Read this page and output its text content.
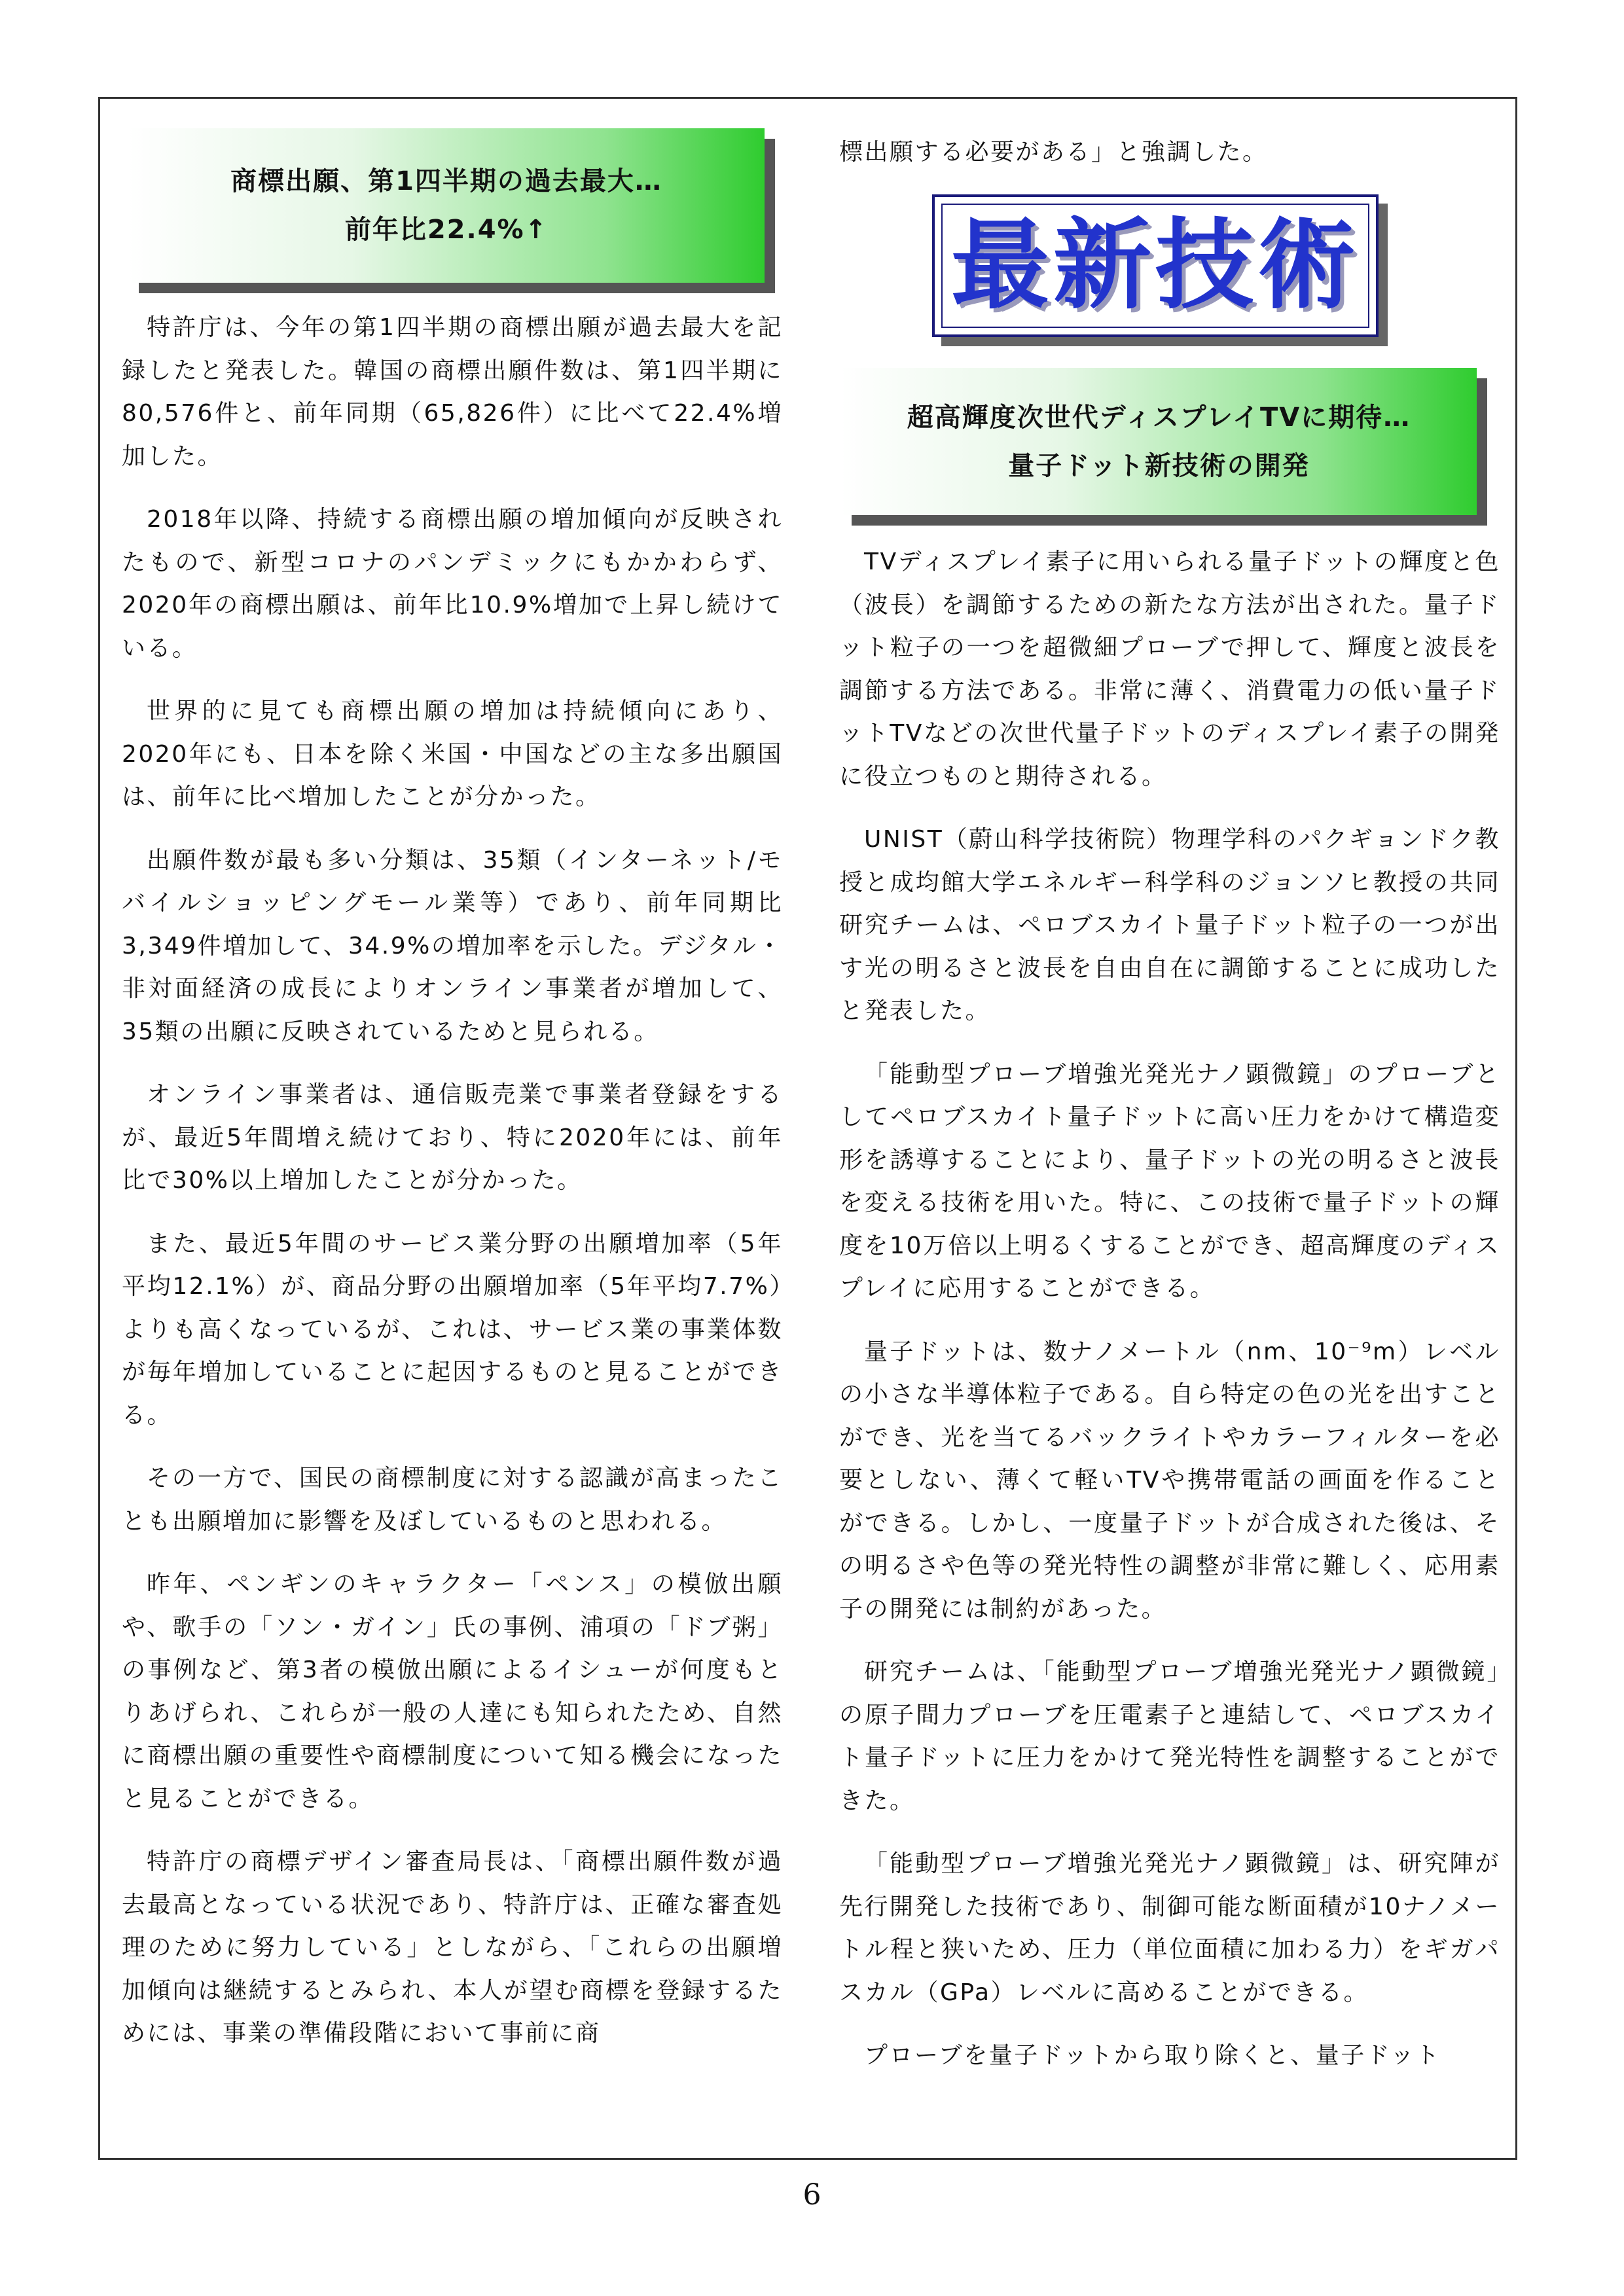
商標出願、第1四半期の過去最大…
前年比22.4%↑

特許庁は、今年の第1四半期の商標出願が過去最大を記録したと発表した。韓国の商標出願件数は、第1四半期に80,576件と、前年同期（65,826件）に比べて22.4%増加した。

2018年以降、持続する商標出願の増加傾向が反映されたもので、新型コロナのパンデミックにもかかわらず、2020年の商標出願は、前年比10.9%増加で上昇し続けている。

世界的に見ても商標出願の増加は持続傾向にあり、2020年にも、日本を除く米国・中国などの主な多出願国は、前年に比べ増加したことが分かった。

出願件数が最も多い分類は、35類（インターネット/モバイルショッピングモール業等）であり、前年同期比3,349件増加して、34.9%の増加率を示した。デジタル・非対面経済の成長によりオンライン事業者が増加して、35類の出願に反映されているためと見られる。

オンライン事業者は、通信販売業で事業者登録をするが、最近5年間増え続けており、特に2020年には、前年比で30%以上増加したことが分かった。

また、最近5年間のサービス業分野の出願増加率（5年平均12.1%）が、商品分野の出願増加率（5年平均7.7%）よりも高くなっているが、これは、サービス業の事業体数が毎年増加していることに起因するものと見ることができる。

その一方で、国民の商標制度に対する認識が高まったことも出願増加に影響を及ぼしているものと思われる。

昨年、ペンギンのキャラクター「ペンス」の模倣出願や、歌手の「ソン・ガイン」氏の事例、浦項の「ドブ粥」の事例など、第3者の模倣出願によるイシューが何度もとりあげられ、これらが一般の人達にも知られたため、自然に商標出願の重要性や商標制度について知る機会になったと見ることができる。

特許庁の商標デザイン審査局長は、「商標出願件数が過去最高となっている状況であり、特許庁は、正確な審査処理のために努力している」としながら、「これらの出願増加傾向は継続するとみられ、本人が望む商標を登録するためには、事業の準備段階において事前に商

標出願する必要がある」と強調した。
最新技術
超高輝度次世代ディスプレイTVに期待…
量子ドット新技術の開発

TVディスプレイ素子に用いられる量子ドットの輝度と色（波長）を調節するための新たな方法が出された。量子ドット粒子の一つを超微細プローブで押して、輝度と波長を調節する方法である。非常に薄く、消費電力の低い量子ドットTVなどの次世代量子ドットのディスプレイ素子の開発に役立つものと期待される。

UNIST（蔚山科学技術院）物理学科のパクギョンドク教授と成均館大学エネルギー科学科のジョンソヒ教授の共同研究チームは、ペロブスカイト量子ドット粒子の一つが出す光の明るさと波長を自由自在に調節することに成功したと発表した。

「能動型プローブ増強光発光ナノ顕微鏡」のプローブとしてペロブスカイト量子ドットに高い圧力をかけて構造変形を誘導することにより、量子ドットの光の明るさと波長を変える技術を用いた。特に、この技術で量子ドットの輝度を10万倍以上明るくすることができ、超高輝度のディスプレイに応用することができる。

量子ドットは、数ナノメートル（nm、10⁻⁹m）レベルの小さな半導体粒子である。自ら特定の色の光を出すことができ、光を当てるバックライトやカラーフィルターを必要としない、薄くて軽いTVや携帯電話の画面を作ることができる。しかし、一度量子ドットが合成された後は、その明るさや色等の発光特性の調整が非常に難しく、応用素子の開発には制約があった。

研究チームは、「能動型プローブ増強光発光ナノ顕微鏡」の原子間力プローブを圧電素子と連結して、ペロブスカイト量子ドットに圧力をかけて発光特性を調整することができた。

「能動型プローブ増強光発光ナノ顕微鏡」は、研究陣が先行開発した技術であり、制御可能な断面積が10ナノメートル程と狭いため、圧力（単位面積に加わる力）をギガパスカル（GPa）レベルに高めることができる。

プローブを量子ドットから取り除くと、量子ドット

6
